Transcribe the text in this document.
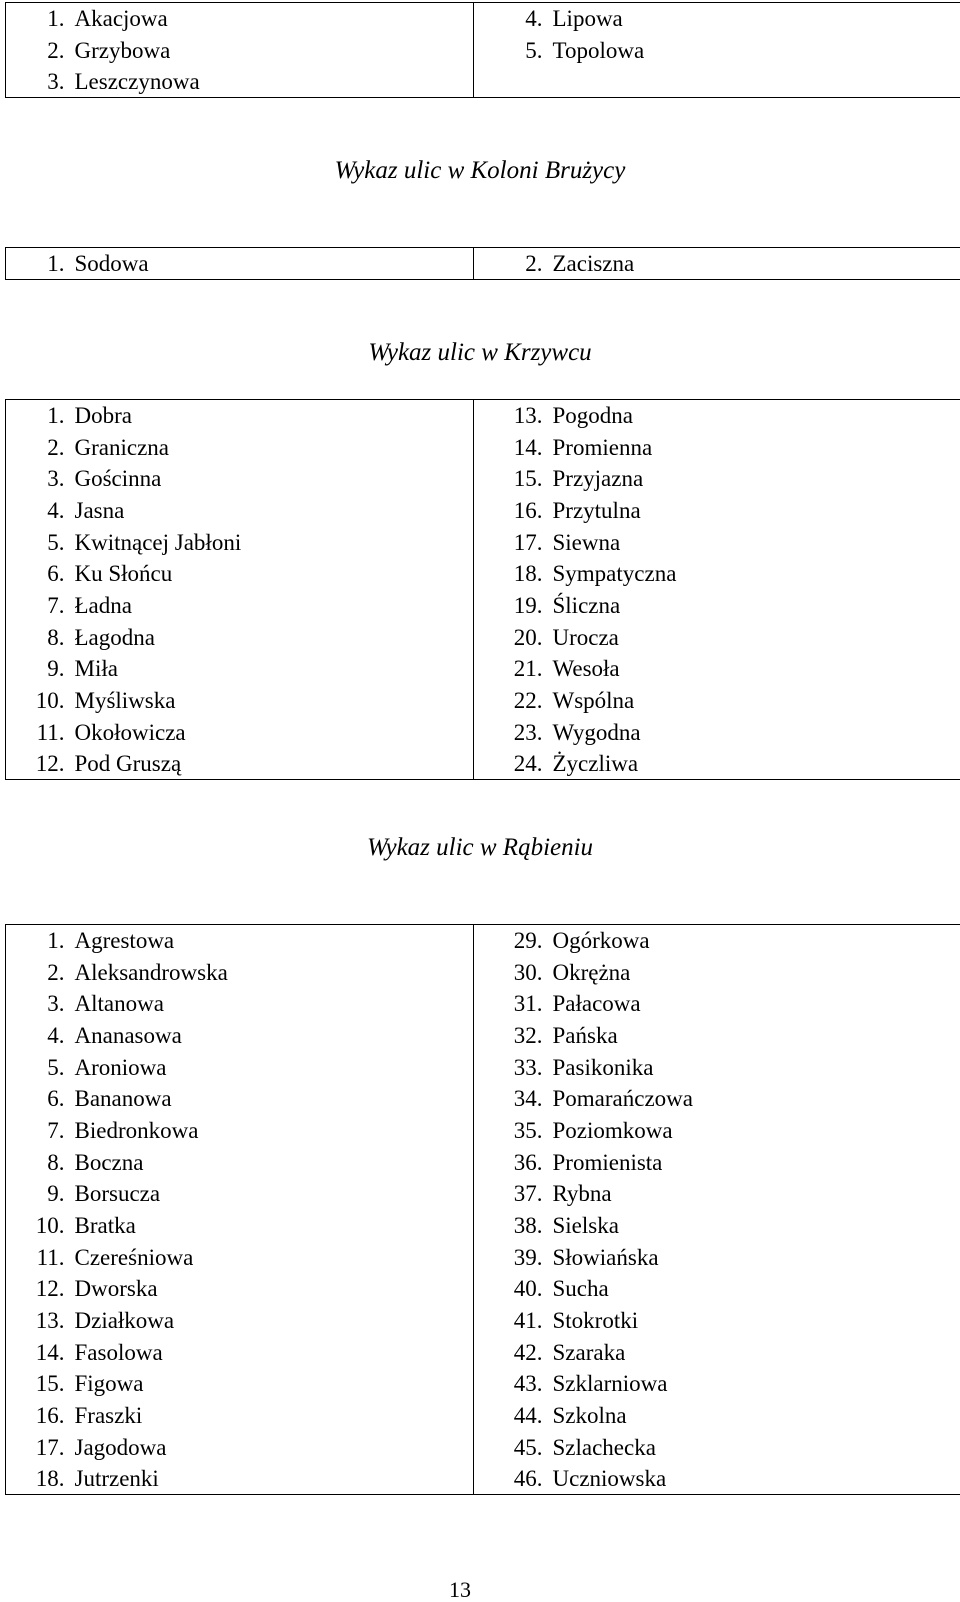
1.	Akacjowa	4.	Lipowa
2.	Grzybowa	5.	Topolowa
3.	Leszczynowa		
Wykaz ulic w Koloni Brużycy
1.	Sodowa	2.	Zaciszna
Wykaz ulic w Krzywcu
1.	Dobra	13.	Pogodna
2.	Graniczna	14.	Promienna
3.	Gościnna	15.	Przyjazna
4.	Jasna	16.	Przytulna
5.	Kwitnącej Jabłoni	17.	Siewna
6.	Ku Słońcu	18.	Sympatyczna
7.	Ładna	19.	Śliczna
8.	Łagodna	20.	Urocza
9.	Miła	21.	Wesoła
10.	Myśliwska	22.	Wspólna
11.	Okołowicza	23.	Wygodna
12.	Pod Gruszą	24.	Życzliwa
Wykaz ulic w Rąbieniu
1.	Agrestowa	29.	Ogórkowa
2.	Aleksandrowska	30.	Okrężna
3.	Altanowa	31.	Pałacowa
4.	Ananasowa	32.	Pańska
5.	Aroniowa	33.	Pasikonika
6.	Bananowa	34.	Pomarańczowa
7.	Biedronkowa	35.	Poziomkowa
8.	Boczna	36.	Promienista
9.	Borsucza	37.	Rybna
10.	Bratka	38.	Sielska
11.	Czereśniowa	39.	Słowiańska
12.	Dworska	40.	Sucha
13.	Działkowa	41.	Stokrotki
14.	Fasolowa	42.	Szaraka
15.	Figowa	43.	Szklarniowa
16.	Fraszki	44.	Szkolna
17.	Jagodowa	45.	Szlachecka
18.	Jutrzenki	46.	Uczniowska
13
